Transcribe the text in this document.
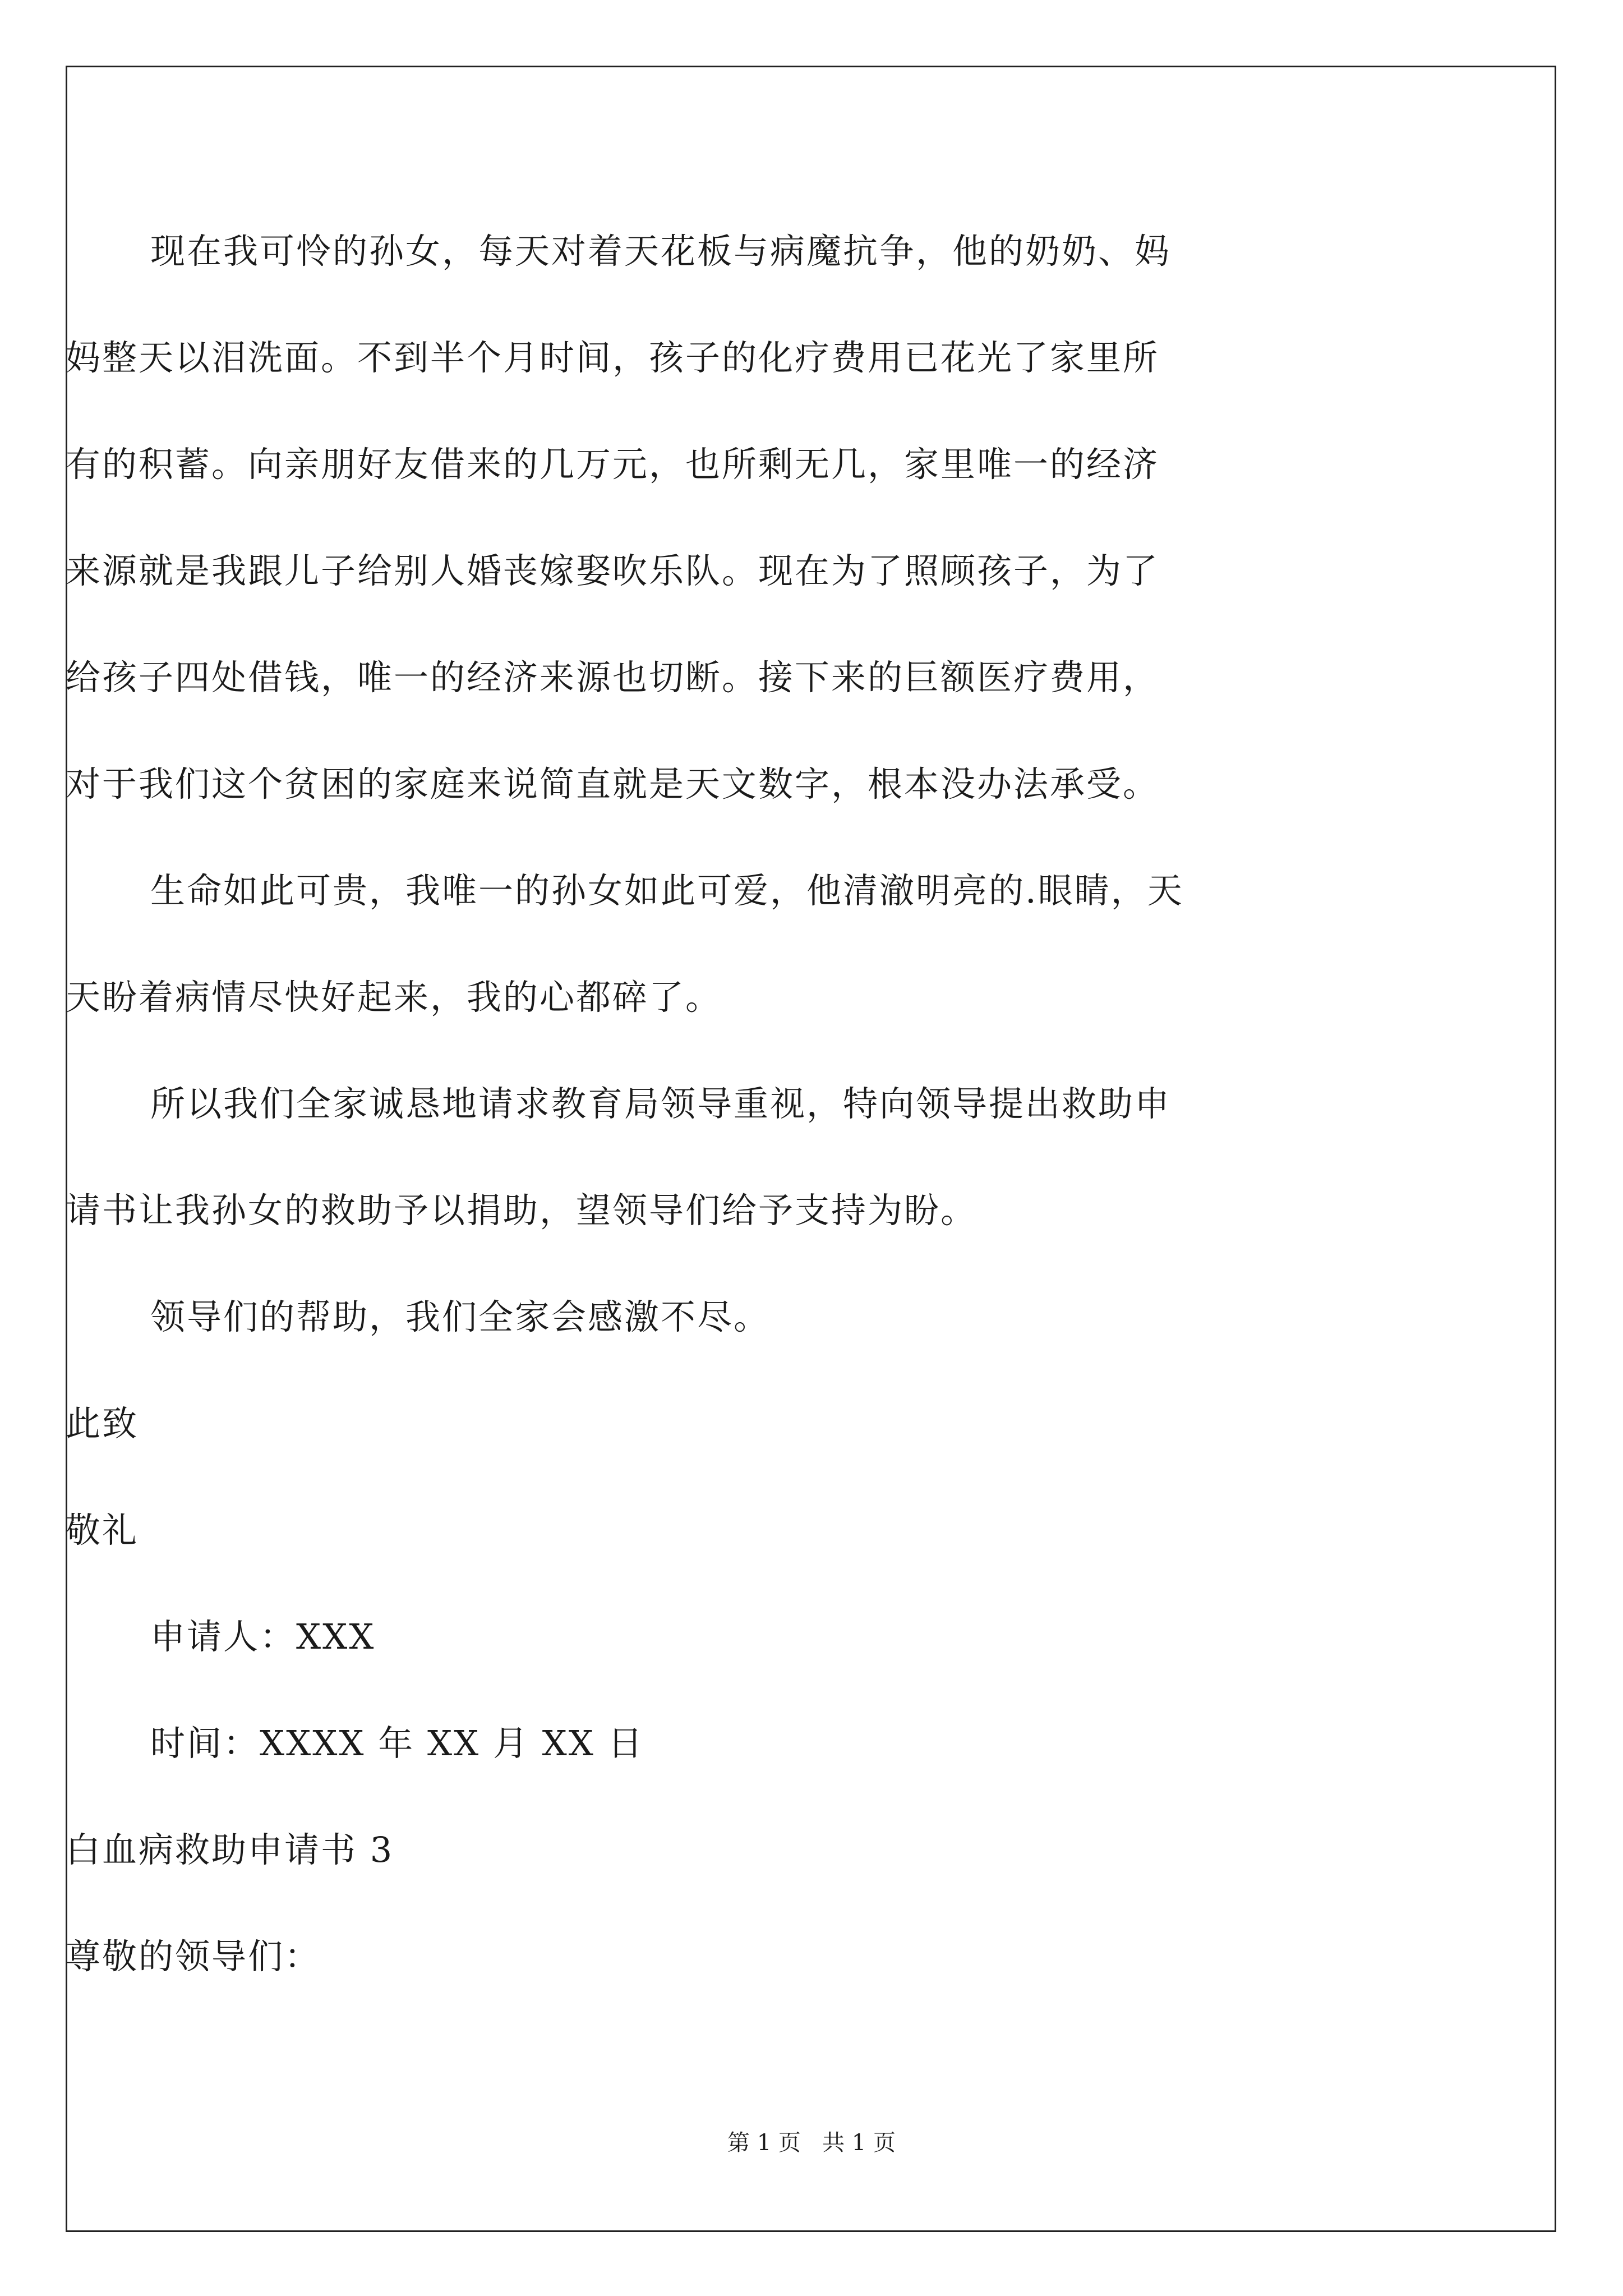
现在我可怜的孙女，每天对着天花板与病魔抗争，他的奶奶、妈
妈整天以泪洗面。不到半个月时间，孩子的化疗费用已花光了家里所
有的积蓄。向亲朋好友借来的几万元，也所剩无几，家里唯一的经济
来源就是我跟儿子给别人婚丧嫁娶吹乐队。现在为了照顾孩子，为了
给孩子四处借钱，唯一的经济来源也切断。接下来的巨额医疗费用，
对于我们这个贫困的家庭来说简直就是天文数字，根本没办法承受。
生命如此可贵，我唯一的孙女如此可爱，他清澈明亮的.眼睛，天
天盼着病情尽快好起来，我的心都碎了。
所以我们全家诚恳地请求教育局领导重视，特向领导提出救助申
请书让我孙女的救助予以捐助，望领导们给予支持为盼。
领导们的帮助，我们全家会感激不尽。
此致
敬礼
申请人：XXX
时间：XXXX 年 XX 月 XX 日
白血病救助申请书 3
尊敬的领导们：
第 1 页   共 1 页
